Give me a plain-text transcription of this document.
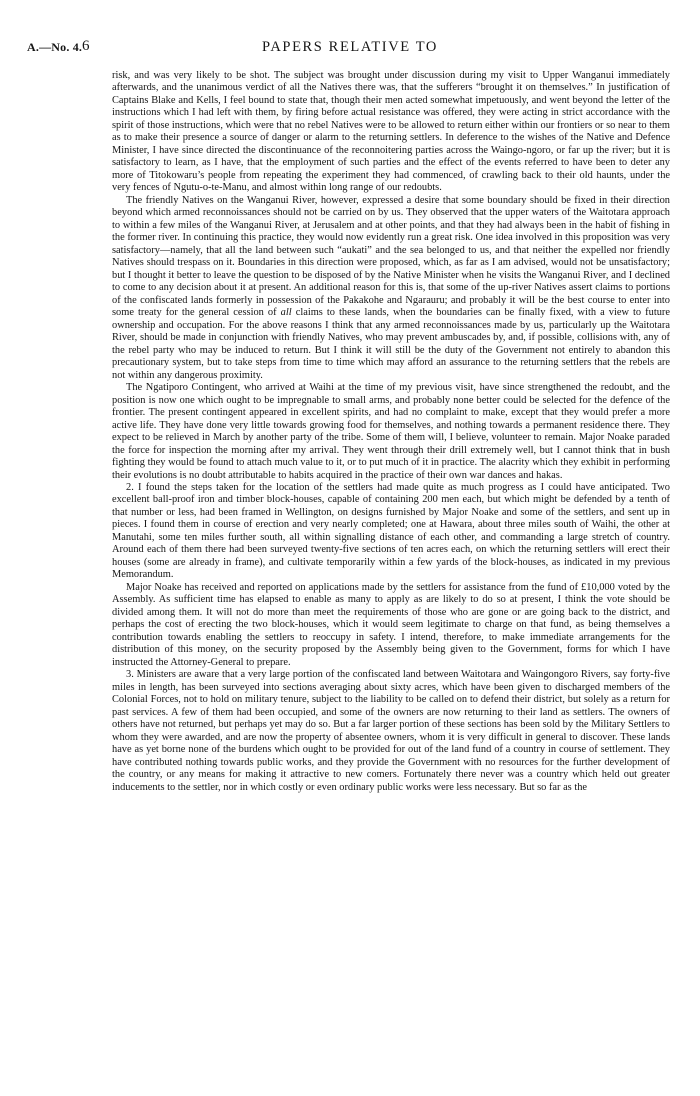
A.—No. 4. 6	PAPERS RELATIVE TO

risk, and was very likely to be shot. The subject was brought under discussion during my visit to Upper Wanganui immediately afterwards, and the unanimous verdict of all the Natives there was, that the sufferers “brought it on themselves.” In justification of Captains Blake and Kells, I feel bound to state that, though their men acted somewhat impetuously, and went beyond the letter of the instructions which I had left with them, by firing before actual resistance was offered, they were acting in strict accordance with the spirit of those instructions, which were that no rebel Natives were to be allowed to return either within our frontiers or so near to them as to make their presence a source of danger or alarm to the returning settlers. In deference to the wishes of the Native and Defence Minister, I have since directed the discontinuance of the reconnoitering parties across the Waingo-ngoro, or far up the river; but it is satisfactory to learn, as I have, that the employment of such parties and the effect of the events referred to have been to deter any more of Titokowaru’s people from repeating the experiment they had commenced, of crawling back to their old haunts, under the very fences of Ngutu-o-te-Manu, and almost within long range of our redoubts.

The friendly Natives on the Wanganui River, however, expressed a desire that some boundary should be fixed in their direction beyond which armed reconnoissances should not be carried on by us. They observed that the upper waters of the Waitotara approach to within a few miles of the Wanganui River, at Jerusalem and at other points, and that they had always been in the habit of fishing in the former river. In continuing this practice, they would now evidently run a great risk. One idea involved in this proposition was very satisfactory—namely, that all the land between such “aukati” and the sea belonged to us, and that neither the expelled nor friendly Natives should trespass on it. Boundaries in this direction were proposed, which, as far as I am advised, would not be unsatisfactory; but I thought it better to leave the question to be disposed of by the Native Minister when he visits the Wanganui River, and I declined to come to any decision about it at present. An additional reason for this is, that some of the up-river Natives assert claims to portions of the confiscated lands formerly in possession of the Pakakohe and Ngarauru; and probably it will be the best course to enter into some treaty for the general cession of all claims to these lands, when the boundaries can be finally fixed, with a view to future ownership and occupation. For the above reasons I think that any armed reconnoissances made by us, particularly up the Waitotara River, should be made in conjunction with friendly Natives, who may prevent ambuscades by, and, if possible, collisions with, any of the rebel party who may be induced to return. But I think it will still be the duty of the Government not entirely to abandon this precautionary system, but to take steps from time to time which may afford an assurance to the returning settlers that the rebels are not within any dangerous proximity.

The Ngatiporo Contingent, who arrived at Waihi at the time of my previous visit, have since strengthened the redoubt, and the position is now one which ought to be impregnable to small arms, and probably none better could be selected for the defence of the frontier. The present contingent appeared in excellent spirits, and had no complaint to make, except that they would prefer a more active life. They have done very little towards growing food for themselves, and nothing towards a permanent residence there. They expect to be relieved in March by another party of the tribe. Some of them will, I believe, volunteer to remain. Major Noake paraded the force for inspection the morning after my arrival. They went through their drill extremely well, but I cannot think that in bush fighting they would be found to attach much value to it, or to put much of it in practice. The alacrity which they exhibit in performing their evolutions is no doubt attributable to habits acquired in the practice of their own war dances and hakas.

2. I found the steps taken for the location of the settlers had made quite as much progress as I could have anticipated. Two excellent ball-proof iron and timber block-houses, capable of containing 200 men each, but which might be defended by a tenth of that number or less, had been framed in Wellington, on designs furnished by Major Noake and some of the settlers, and sent up in pieces. I found them in course of erection and very nearly completed; one at Hawara, about three miles south of Waihi, the other at Manutahi, some ten miles further south, all within signalling distance of each other, and commanding a large stretch of country. Around each of them there had been surveyed twenty-five sections of ten acres each, on which the returning settlers will erect their houses (some are already in frame), and cultivate temporarily within a few yards of the block-houses, as indicated in my previous Memorandum.

Major Noake has received and reported on applications made by the settlers for assistance from the fund of £10,000 voted by the Assembly. As sufficient time has elapsed to enable as many to apply as are likely to do so at present, I think the vote should be divided among them. It will not do more than meet the requirements of those who are gone or are going back to the district, and perhaps the cost of erecting the two block-houses, which it would seem legitimate to charge on that fund, as being themselves a contribution towards enabling the settlers to reoccupy in safety. I intend, therefore, to make immediate arrangements for the distribution of this money, on the security proposed by the Assembly being given to the Government, forms for which I have instructed the Attorney-General to prepare.

3. Ministers are aware that a very large portion of the confiscated land between Waitotara and Waingongoro Rivers, say forty-five miles in length, has been surveyed into sections averaging about sixty acres, which have been given to discharged members of the Colonial Forces, not to hold on military tenure, subject to the liability to be called on to defend their district, but solely as a return for past services. A few of them had been occupied, and some of the owners are now returning to their land as settlers. The owners of others have not returned, but perhaps yet may do so. But a far larger portion of these sections has been sold by the Military Settlers to whom they were awarded, and are now the property of absentee owners, whom it is very difficult in general to discover. These lands have as yet borne none of the burdens which ought to be provided for out of the land fund of a country in course of settlement. They have contributed nothing towards public works, and they provide the Government with no resources for the further development of the country, or any means for making it attractive to new comers. Fortunately there never was a country which held out greater inducements to the settler, nor in which costly or even ordinary public works were less necessary. But so far as the
